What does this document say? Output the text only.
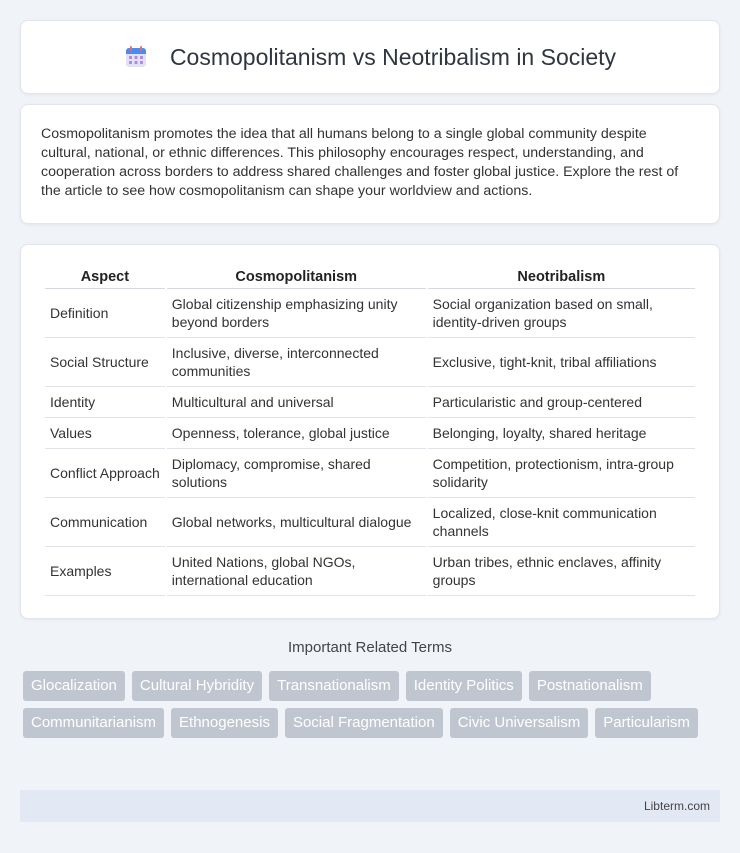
Cosmopolitanism vs Neotribalism in Society

Cosmopolitanism promotes the idea that all humans belong to a single global community despite cultural, national, or ethnic differences. This philosophy encourages respect, understanding, and cooperation across borders to address shared challenges and foster global justice. Explore the rest of the article to see how cosmopolitanism can shape your worldview and actions.

Aspect	Cosmopolitanism	Neotribalism
Definition	Global citizenship emphasizing unity beyond borders	Social organization based on small, identity-driven groups
Social Structure	Inclusive, diverse, interconnected communities	Exclusive, tight-knit, tribal affiliations
Identity	Multicultural and universal	Particularistic and group-centered
Values	Openness, tolerance, global justice	Belonging, loyalty, shared heritage
Conflict Approach	Diplomacy, compromise, shared solutions	Competition, protectionism, intra-group solidarity
Communication	Global networks, multicultural dialogue	Localized, close-knit communication channels
Examples	United Nations, global NGOs, international education	Urban tribes, ethnic enclaves, affinity groups
Important Related Terms
Glocalization	Cultural Hybridity	Transnationalism	Identity Politics	Postnationalism
Communitarianism	Ethnogenesis	Social Fragmentation	Civic Universalism	Particularism
Libterm.com
